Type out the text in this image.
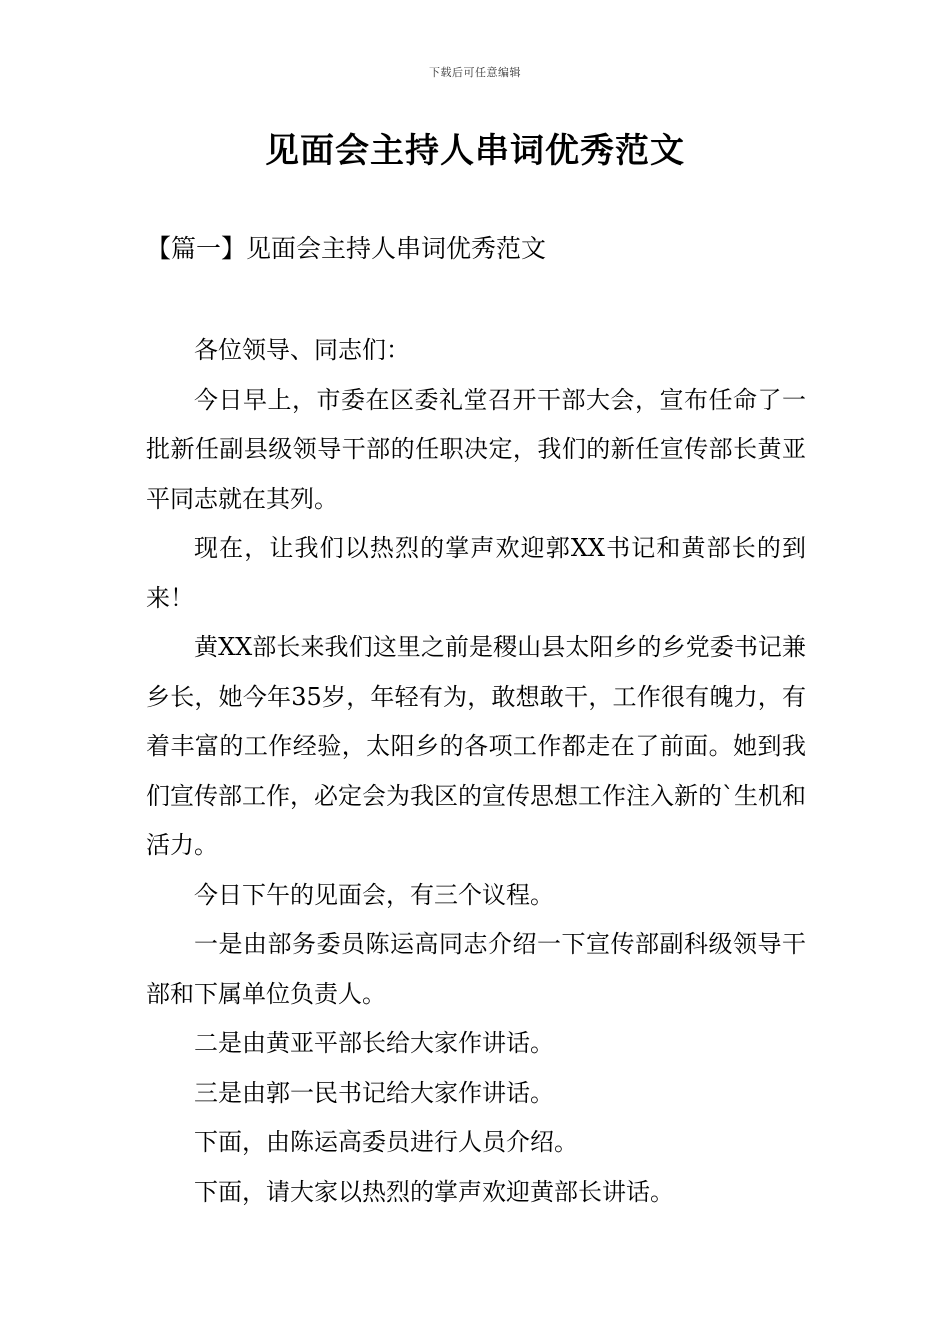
下载后可任意编辑
见面会主持人串词优秀范文
【篇一】见面会主持人串词优秀范文

各位领导、同志们：

今日早上，市委在区委礼堂召开干部大会，宣布任命了一批新任副县级领导干部的任职决定，我们的新任宣传部长黄亚平同志就在其列。

现在，让我们以热烈的掌声欢迎郭XX书记和黄部长的到来！

黄XX部长来我们这里之前是稷山县太阳乡的乡党委书记兼乡长，她今年35岁，年轻有为，敢想敢干，工作很有魄力，有着丰富的工作经验，太阳乡的各项工作都走在了前面。她到我们宣传部工作，必定会为我区的宣传思想工作注入新的`生机和活力。

今日下午的见面会，有三个议程。

一是由部务委员陈运高同志介绍一下宣传部副科级领导干部和下属单位负责人。

二是由黄亚平部长给大家作讲话。

三是由郭一民书记给大家作讲话。

下面，由陈运高委员进行人员介绍。

下面，请大家以热烈的掌声欢迎黄部长讲话。
